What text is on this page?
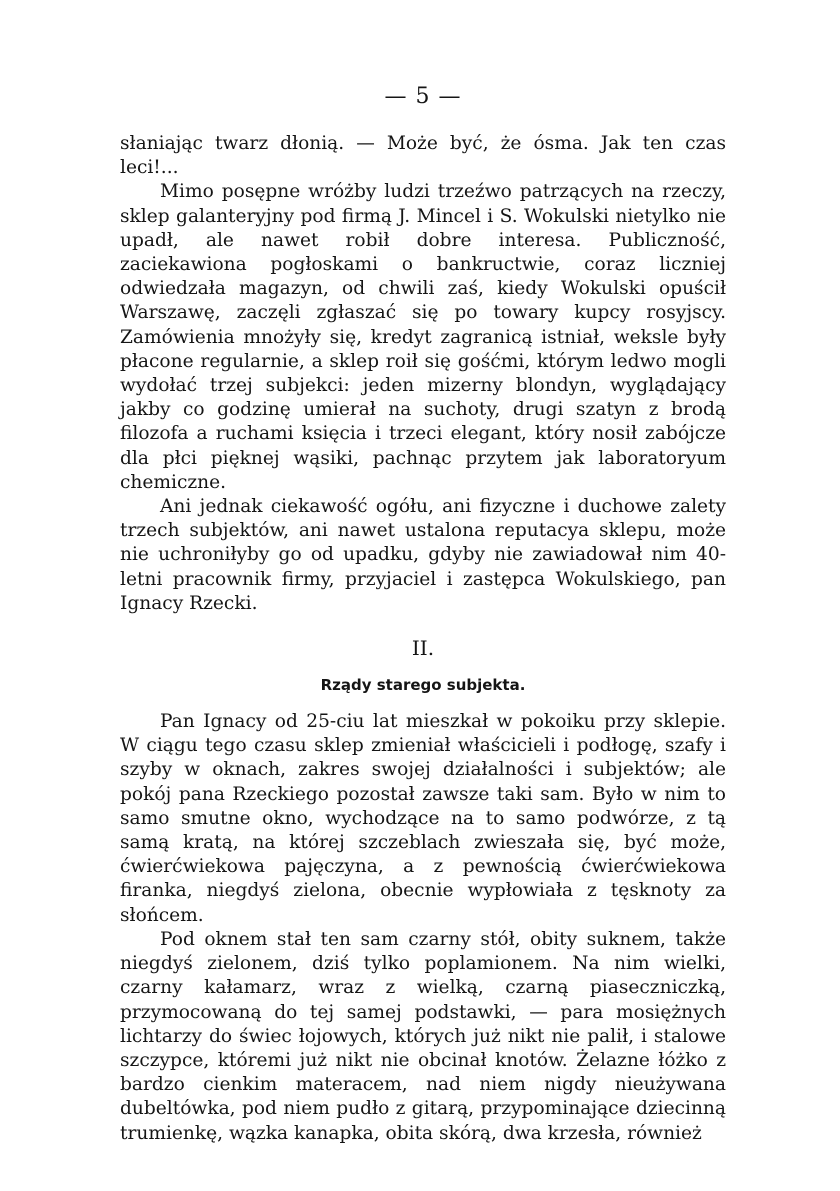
— 5 —

słaniając twarz dłonią. — Może być, że ósma. Jak ten czas leci!...

Mimo posępne wróżby ludzi trzeźwo patrzących na rzeczy, sklep galanteryjny pod firmą J. Mincel i S. Wokulski nietylko nie upadł, ale nawet robił dobre interesa. Publiczność, zaciekawiona pogłoskami o bankructwie, coraz liczniej odwiedzała magazyn, od chwili zaś, kiedy Wokulski opuścił Warszawę, zaczęli zgłaszać się po towary kupcy rosyjscy. Zamówienia mnożyły się, kredyt zagranicą istniał, weksle były płacone regularnie, a sklep roił się gośćmi, którym ledwo mogli wydołać trzej subjekci: jeden mizerny blondyn, wyglądający jakby co godzinę umierał na suchoty, drugi szatyn z brodą filozofa a ruchami księcia i trzeci elegant, który nosił zabójcze dla płci pięknej wąsiki, pachnąc przytem jak laboratoryum chemiczne.

Ani jednak ciekawość ogółu, ani fizyczne i duchowe zalety trzech subjektów, ani nawet ustalona reputacya sklepu, może nie uchroniłyby go od upadku, gdyby nie zawiadował nim 40-letni pracownik firmy, przyjaciel i zastępca Wokulskiego, pan Ignacy Rzecki.

II.
Rządy starego subjekta.

Pan Ignacy od 25-ciu lat mieszkał w pokoiku przy sklepie. W ciągu tego czasu sklep zmieniał właścicieli i podłogę, szafy i szyby w oknach, zakres swojej działalności i subjektów; ale pokój pana Rzeckiego pozostał zawsze taki sam. Było w nim to samo smutne okno, wychodzące na to samo podwórze, z tą samą kratą, na której szczeblach zwieszała się, być może, ćwierćwiekowa pajęczyna, a z pewnością ćwierćwiekowa firanka, niegdyś zielona, obecnie wypłowiała z tęsknoty za słońcem.

Pod oknem stał ten sam czarny stół, obity suknem, także niegdyś zielonem, dziś tylko poplamionem. Na nim wielki, czarny kałamarz, wraz z wielką, czarną piaseczniczką, przymocowaną do tej samej podstawki, — para mosiężnych lichtarzy do świec łojowych, których już nikt nie palił, i stalowe szczypce, któremi już nikt nie obcinał knotów. Żelazne łóżko z bardzo cienkim materacem, nad niem nigdy nieużywana dubeltówka, pod niem pudło z gitarą, przypominające dziecinną trumienkę, wązka kanapka, obita skórą, dwa krzesła, również
